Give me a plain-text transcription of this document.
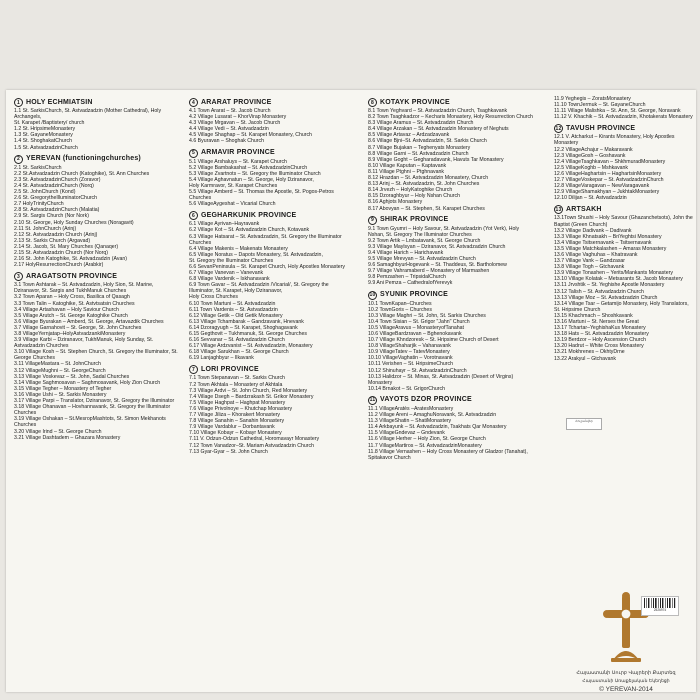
1 HOLY ECHMIATSIN
1.1 St. SarkisChurch, St. Astvadzadzin (Mother Cathedral), Holy Archangels,
St. Karapet /Baptistery/ church
1.2 St. HripsimeMonastery
1.3 St. GayaneMonastery
1.4 St. ShoghakatChurch
1.5 St. AstvadzadzinChurch
2 YEREVAN (functioningchurches)
2.1 St. SarkisChurch
2.2 St.Astvadzadzin Church (Katoghike), St. Ann Churches
2.3 St. AstvadzadzinChurch (Zoravor)
2.4 St. AstvadzadzinChurch (Norq)
2.5 St. JohnChurch (Kond)
2.6 St. GregorytheIlluminatorChurch
2.7 HolyTrinityChurch
2.8 St. AstvadzadzinChurch (Malatia)
2.9 St. Sargis Church (Nor Nork)
2.10 St. George, Holy Sunday Churches (Noragavit)
2.11 St. JohnChurch (Arinj)
2.12 St. Astvadzadzin Church (Arinj)
2.13 St. Sarkis Church (Argavad)
2.14 St. Jacob, St. Mary Churches (Qanaqer)
2.15 St. Astvadzadzin Church (Nor Norq)
2.16 St. John Katoghike, St. Astvadzadzin (Avan)
2.17 HolyResurrectionChurch (Arabkir)
3 ARAGATSOTN PROVINCE
3.1 Town Ashtarak – St. Astvadzadzin, Holy Sion, St. Marine, Dziranavor, St. Sargis and TukhManuk Churches
3.2 Town Aparan – Holy Cross, Basilica of Qasagh
3.3 Town Talin – Katoghike, St. Astvtsatsin Churches
3.4 Village Artashavan – Holy Saviour Church
3.5 Village Arutch – St. George Katoghike Church
3.6 Village Byurakan – Amberd, St. George, Artavazdik Churches
3.7 Village Garnahovit – St. George, St. John Churches
3.8 VillageYernjatap–HolyAstvadzankiMonastery
3.9 Village Karbi – Dziranavor, TukhManuk, Holy Sunday, St. Astvadzadzin Churches
3.10 Village Kosh – St. Stephen Church, St. Gregory the Illuminator, St. George Churches
3.11 VillageMastara – St. JohnChurch
3.12 VillageMughni – St. GeorgeChurch
3.13 Village Voskevaz – St. John, Sadal Churches
3.14 Village Saghmosavan – Saghmosavank, Holy Zion Church
3.15 Village Tegher – Monastery of Tegher
3.16 Village Ushi – St. Sarkis Monastery
3.17 Village Parpi – Translator, Dziranavor, St. Gregory the Illuminator
3.18 Village Ohanavan – Hovhannavank, St. Gregory the Illuminator Churches
3.19 Village Oshakan – St.MesropMashtots, St. Simon Mekhanots Churches
3.20 Village Irind – St. George Church
3.21 Village Dashtadem – Ghazara Monastery
4 ARARAT PROVINCE
4.1 Town Ararat – St. Jacob Church
4.2 Village Lusarat – KhorVirap Monastery
4.3 Village Mrgavan – St. Jacob Church
4.4 Village Vedi – St. Astvadzadzin
4.5 Village Shaghap – St. Karapet Monastery, Church
4.6 Byuravan – Shoghak Church
5 ARMAVIR PROVINCE
5.1 Village Arshaluys – St. Karapet Church
5.2 Village Bambakashat – St. AstvadzadzinChurch
5.3 Village Zvartnots – St. Gregory the Illuminator Church
5.4 Village Aghavnatun – St. George, Holy Dziranavor,
Holy Karmravor, St. Karapet Churches
5.5 Village Amberd – St. Thomas the Apostle, St. Pogos-Petros Churches
5.6 VillageAygeshat – Vicarial Church
6 GEGHARKUNIK PROVINCE
6.1 Village Ayrivan–Hayravank
6.2 Village Kot – St. Astvadzadzin Church, Kotavank
6.3 Village Hatsarat – St. Astvadzadzin, St. Gregory the Illuminator Churches
6.4 Village Makenis – Makenats Monastery
6.5 Village Noratus – Dapots Monastery, St. Astvadzadzin,
St. Gregory the Illuminator Churches
6.6 SevanPeninsula – St. Karapet Church, Holy Apostles Monastery
6.7 Village Vanevan – Vanevank
6.8 Village Vardenik – Iskhanavank
6.9 Town Gavar – St. Astvadzadzin /Vicarial/, St. Gregory the Illuminator, St. Karapet, Holy Dziranavor,
Holy Cross Churches
6.10 Town Martuni – St. Astvadzadzin
6.11 Town Vardenis – St. Astvadzadzin
6.12 Village Getik – Old Getik Monastery
6.13 Village Tchambarak – Gandzavank, Hnevank
6.14 Dzoragyugh – St. Karapet, Shoghagavank
6.15 Gegthovit – Tukhmanuk, St. George Churches
6.16 Sevvanar – St. Astvadzadzin Church
6.17 Village Ardzvanist – St. Astvadzadzin, Monastery
6.18 Village Sarukhan – St. George Church
6.19 Lanjaghbyur – Ilkavank
7 LORI PROVINCE
7.1 Town Stepanavan – St. Sarkis Church
7.2 Town Akhtala – Monastery of Akhtala
7.3 Village Ardvi – St. John Church, Red Monastery
7.4 Village Dsegh – Bardzrakash St. Grikor Monastery
7.5 Village Haghpat – Haghpat Monastery
7.6 Village Privolnoye – Khutchap Monastery
7.7 Village Jiliza – Khorakert Monastery
7.8 Village Sanahin – Sanahin Monastery
7.9 Village Vardablur – Dorbantavank
7.10 Village Kobayr – Kobayr Monastery
7.11 V. Odzun-Odzun Cathedral, Horomavayr Monastery
7.12 Town Vanadzor–St. Mariam Astvadzadzin Church
7.13 Gyar-Gyar – St. John Church
8 KOTAYK PROVINCE
8.1 Town Yeghvard – St. Astvadzadzin Church, Tsaghkavank
8.2 Town Tsaghkadzor – Kecharis Monastery, Holy Resurrection Church
8.3 Village Aramus – St. Astvadzadzin Church
8.4 Village Arzakan – St. Astvadzadzin Monastery of Neghuts
8.5 Village Artavaz – Ardzadzavank
8.6 Village Bjni–St. Astvadzadzin, St. Sarkis Church
8.7 Village Bujakan – Teghenyats Monastery
8.8 Village Garni – St. Astvadzadzin Church
8.9 Village Goght – Gegharadavank, Havuts Tar Monastery
8.10 Village Kaputan – Kaptavank
8.11 Village Ptghni – Ptghnavank
8.12 Hrazdan – St. Astvadzadzin Monastery, Church
8.13 Arinj – St. Astvadzadzin, St. John Churches
8.14 Jrvezh – HolyKatoghike Church
8.15 Dzoraghbyur – Holy Nshan Church
8.16 Aghjots Monastery
8.17 Abovyan – St. Stephen, St. Karapet Churches
9 SHIRAK PROVINCE
9.1 Town Gyumri – Holy Savour, St. Astvadzadzin (Yot Verk), Holy Nshan, St. Gregory The Illuminator Churches
9.2 Town Artik – Lmbatavank, St. George Church
9.3 Village Maylsyan – Dziranavor, St. Astvadzadzin Church
9.4 Village Harich – Harichavank
9.5 Village Mrevyan – St. Astvadzadzin Church
9.6 SamaghbyurHogevank – St. Thaddeus, St. Bartholomew
9.7 Village Vahramaberd – Monastery of Marmashen
9.8 Pemzashen – TripsidalChurch
9.9 Ani Pemza – CathedralofYerevyk
10 SYUNIK PROVINCE
10.1 TownKapan–Churches
10.2 TownGoris – Churches
10.3 Village Maghri – St. John, St. Sarkis Churches
10.4 Town Sisian – St. Grigor "Jahn" Church
10.5 VillageAravus – MonasteryofTanahat
10.6 VillageBardzravan – Bghenokavank
10.7 Village Khndzoresk – St. Hripsime Church of Desert
10.8 VillageShaharjik – Vahanavank
10.9 VillageTatev – TatevMonastery
10.10 VillageVaghatin – Vorotnavank
10.11 Verishen – St. HripsimeChurch
10.12 Shinuhayr – St. AstvadzadzinChurch
10.13 Halidzor – St. Minas, St. Astvadzadzin (Desert of Virgins) Monastery
10.14 Brnakot – St. GrigorChurch
11 VAYOTS DZOR PROVINCE
11.1 VillageAratès –AratesMonastery
11.2 Village Areni – AmaghuNoravank, St. Astvadzadzin
11.3 VillageShatin – ShatiMonastery
11.4 Arkbayunk – St. Astvadzadzin, Tsakhats Qar Monastery
11.5 VillageGndevaz – Gndevank
11.6 Village Herher – Holy Zion, St. George Church
11.7 VillageMartiros – St. AstvadzadzinMonastery
11.8 Village Vernashen – Holy Cross Monastery of Gladzor (Tanahat), Spitakavor Church
11.9 Yeghegis – ZoratsMonastery
11.10 TownJermuk – St. GayaneChurch
11.11 Village Malishka – St. Ann, St. George, Noravank
11.12 V. Khachik – St. Astvadzadzin, Khotakerats Monastery
12 TAVUSH PROVINCE
12.1 V. Atcharkut – Kirants Monastery, Holy Apostles Monastery
12.2 VillageAchajur – Makaravank
12.3 VillageGosh – Goshavank
12.4 VillageTsaghkavan – ShkhmuradMonastery
12.5 VillageKoghb – Mshkavank
12.6 VillageHaghartsin – HaghartsinMonastery
12.7 VillageVoskepar – St. AstvadzadzinChurch
12.8 VillageVaragavan – NewVaragavank
12.9 VillageShamakhyan – JukhtakMonastery
12.10 Dilijan – St. Astvadzadzin
13 ARTSAKH
13.1Town Shushi – Holy Savour (Ghazanchetsots), John the Baptist (Green Church)
13.2 Village Dadivank – Dadivank
13.3 Village Khnatsakh – BriYeghtsi Monastery
13.4 Village Tsitsernavank – Tsitsernavank
13.5 Village Matchkalashen – Amaras Monastery
13.6 Village Vaghuhas – Khatravank
13.7 Village Vank – Gandzasar
13.8 Village Togh – Gtchavank
13.9 Village Tonashen – Yerits/Mankants Monastery
13.10 Village Kolatak – Metsarants St. Jacob Monastery
13.11 Jrvshtik – St. Yeghishe Apostle Monastery
13.12 Talish – St. Astvadzadzin Church
13.13 Village Moz – St. Astvadzadzin Church
13.14 Village Tsar – Getamijo Monastery, Holy Translators, St. Hripsime Church
13.15 Khachmach – Shoshkavank
13.16 Martuni – St. Nerses the Great
13.17 Tchartar–YeghishaKus Monastery
13.18 Hats – St. Astvadzadzin Monastery
13.19 Berdzor – Holy Ascension Church
13.20 Hadrut – White Cross Monastery
13.21 Mokhrenes – OkhtyDrne
13.22 Arakyul – Gtchavank
Հուշանվեր
2526974
Հայաստանի Սուրբ Վայրերի Քարտեզ
Հայաստանի Առաքելական Եկեղեցի
© YEREVAN-2014
